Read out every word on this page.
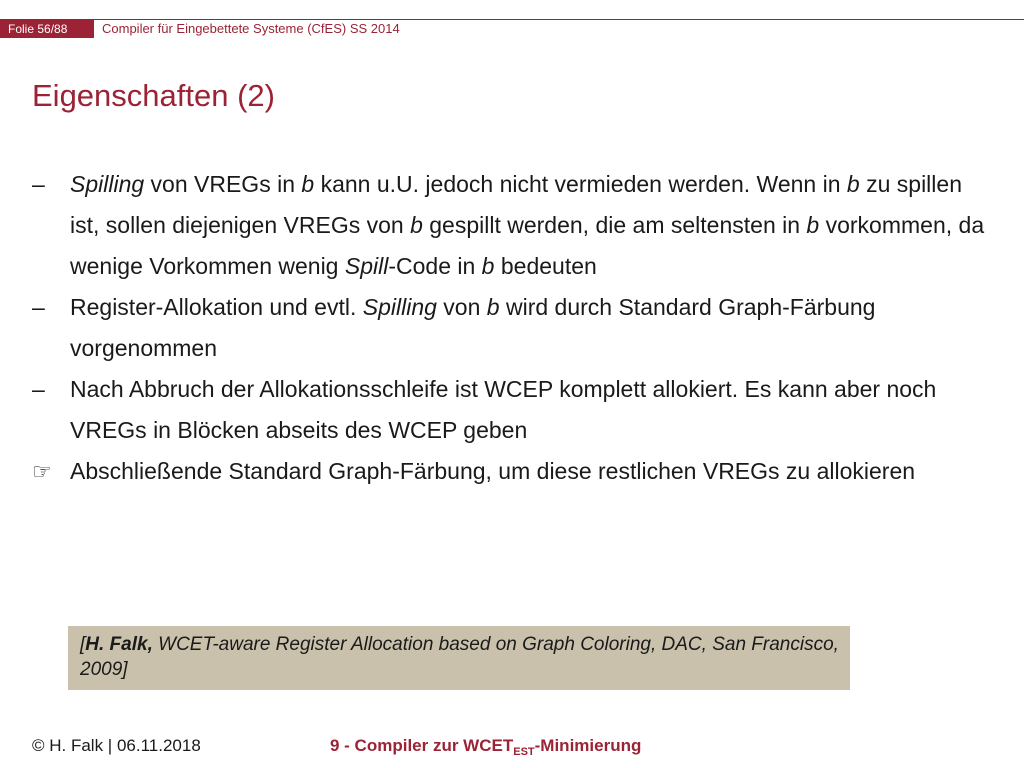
Folie 56/88	Compiler für Eingebettete Systeme (CfES) SS 2014
Eigenschaften (2)
–	Spilling von VREGs in b kann u.U. jedoch nicht vermieden werden. Wenn in b zu spillen ist, sollen diejenigen VREGs von b gespillt werden, die am seltensten in b vorkommen, da wenige Vorkommen wenig Spill-Code in b bedeuten
–	Register-Allokation und evtl. Spilling von b wird durch Standard Graph-Färbung vorgenommen
–	Nach Abbruch der Allokationsschleife ist WCEP komplett allokiert. Es kann aber noch VREGs in Blöcken abseits des WCEP geben
☞ Abschließende Standard Graph-Färbung, um diese restlichen VREGs zu allokieren
[H. Falk, WCET-aware Register Allocation based on Graph Coloring, DAC, San Francisco, 2009]
© H. Falk | 06.11.2018	9 - Compiler zur $WCET_{EST}$-Minimierung
